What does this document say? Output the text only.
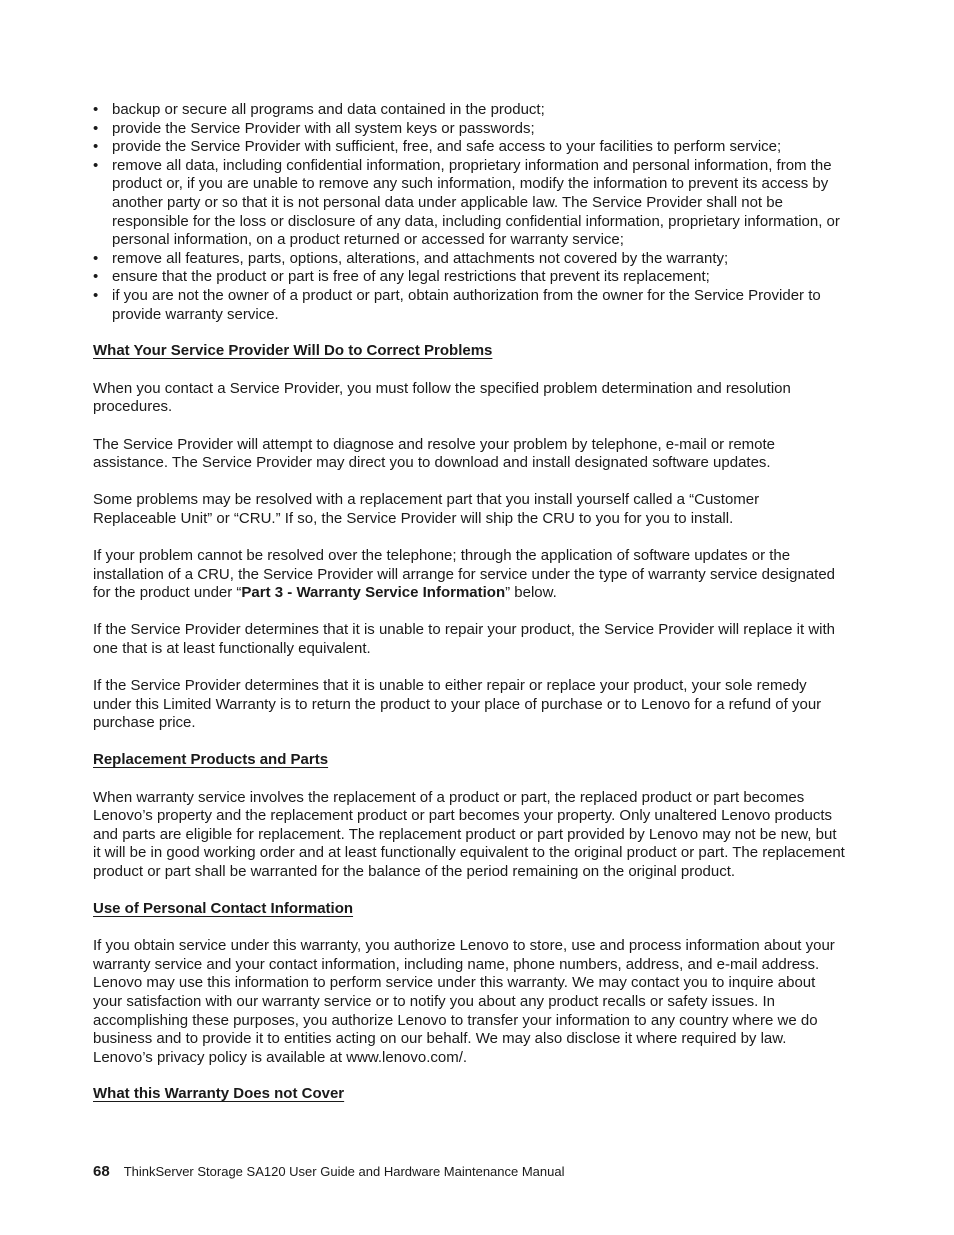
• backup or secure all programs and data contained in the product;
• provide the Service Provider with all system keys or passwords;
• provide the Service Provider with sufficient, free, and safe access to your facilities to perform service;
• remove all data, including confidential information, proprietary information and personal information, from the product or, if you are unable to remove any such information, modify the information to prevent its access by another party or so that it is not personal data under applicable law. The Service Provider shall not be responsible for the loss or disclosure of any data, including confidential information, proprietary information, or personal information, on a product returned or accessed for warranty service;
• remove all features, parts, options, alterations, and attachments not covered by the warranty;
• ensure that the product or part is free of any legal restrictions that prevent its replacement;
• if you are not the owner of a product or part, obtain authorization from the owner for the Service Provider to provide warranty service.
What Your Service Provider Will Do to Correct Problems

When you contact a Service Provider, you must follow the specified problem determination and resolution procedures.

The Service Provider will attempt to diagnose and resolve your problem by telephone, e-mail or remote assistance. The Service Provider may direct you to download and install designated software updates.

Some problems may be resolved with a replacement part that you install yourself called a “Customer Replaceable Unit” or “CRU.” If so, the Service Provider will ship the CRU to you for you to install.

If your problem cannot be resolved over the telephone; through the application of software updates or the installation of a CRU, the Service Provider will arrange for service under the type of warranty service designated for the product under “Part 3 - Warranty Service Information” below.

If the Service Provider determines that it is unable to repair your product, the Service Provider will replace it with one that is at least functionally equivalent.

If the Service Provider determines that it is unable to either repair or replace your product, your sole remedy under this Limited Warranty is to return the product to your place of purchase or to Lenovo for a refund of your purchase price.

Replacement Products and Parts

When warranty service involves the replacement of a product or part, the replaced product or part becomes Lenovo’s property and the replacement product or part becomes your property. Only unaltered Lenovo products and parts are eligible for replacement. The replacement product or part provided by Lenovo may not be new, but it will be in good working order and at least functionally equivalent to the original product or part. The replacement product or part shall be warranted for the balance of the period remaining on the original product.

Use of Personal Contact Information

If you obtain service under this warranty, you authorize Lenovo to store, use and process information about your warranty service and your contact information, including name, phone numbers, address, and e-mail address. Lenovo may use this information to perform service under this warranty. We may contact you to inquire about your satisfaction with our warranty service or to notify you about any product recalls or safety issues. In accomplishing these purposes, you authorize Lenovo to transfer your information to any country where we do business and to provide it to entities acting on our behalf. We may also disclose it where required by law. Lenovo’s privacy policy is available at www.lenovo.com/.

What this Warranty Does not Cover
68 ThinkServer Storage SA120 User Guide and Hardware Maintenance Manual
